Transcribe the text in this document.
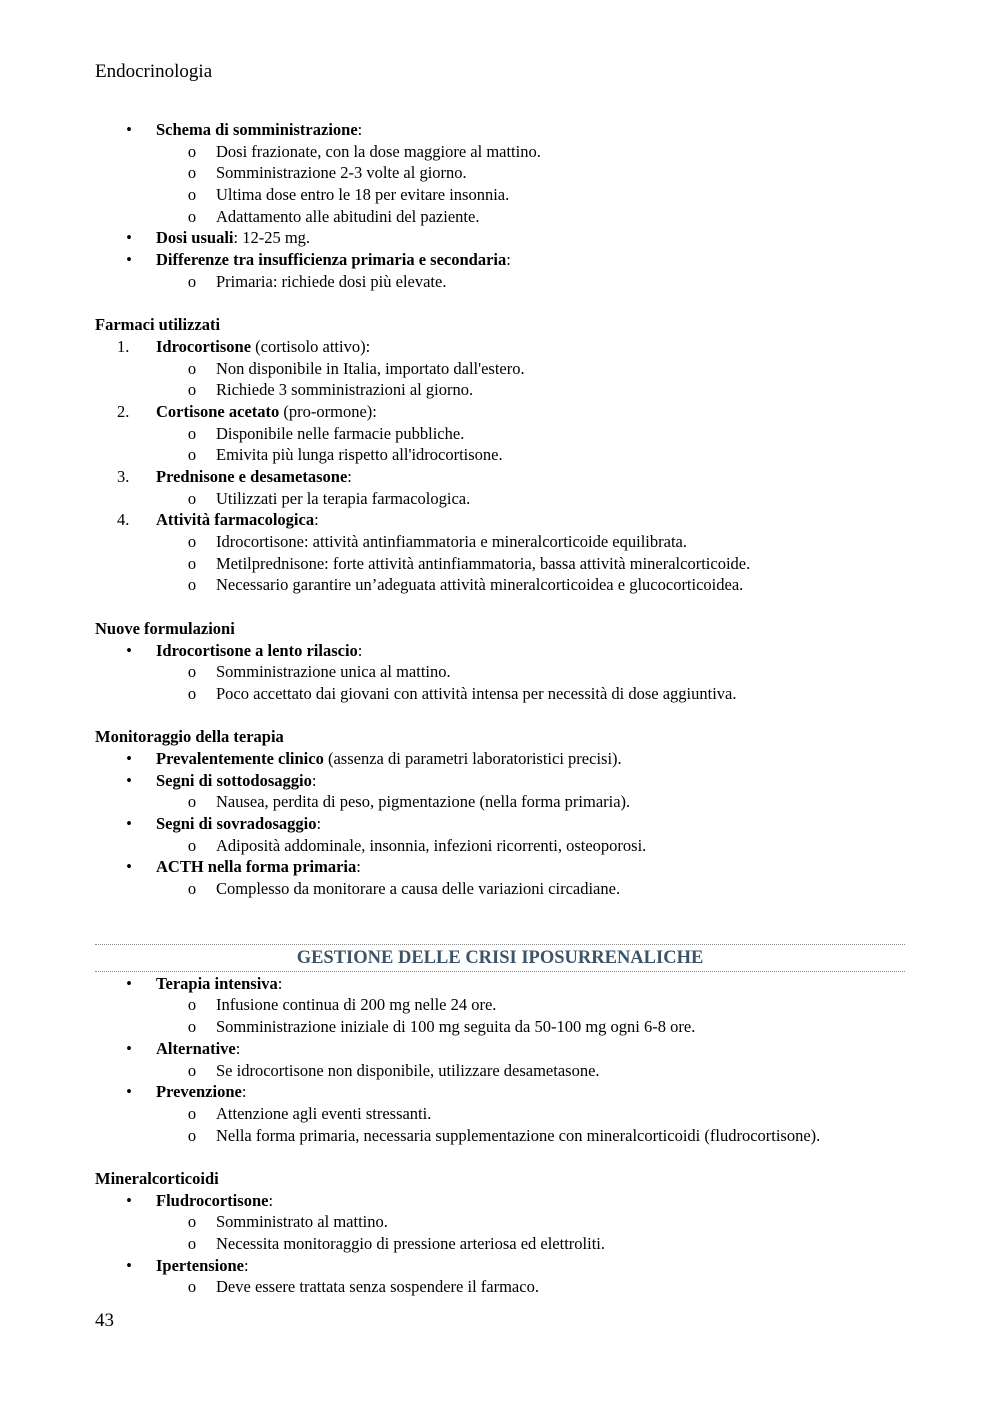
Endocrinologia
• Schema di somministrazione:
o Dosi frazionate, con la dose maggiore al mattino.
o Somministrazione 2-3 volte al giorno.
o Ultima dose entro le 18 per evitare insonnia.
o Adattamento alle abitudini del paziente.
• Dosi usuali: 12-25 mg.
• Differenze tra insufficienza primaria e secondaria:
o Primaria: richiede dosi più elevate.
Farmaci utilizzati
1.	Idrocortisone (cortisolo attivo):
o Non disponibile in Italia, importato dall'estero.
o Richiede 3 somministrazioni al giorno.
2.	Cortisone acetato (pro-ormone):
o Disponibile nelle farmacie pubbliche.
o Emivita più lunga rispetto all'idrocortisone.
3.	Prednisone e desametasone:
o Utilizzati per la terapia farmacologica.
4.	Attività farmacologica:
o Idrocortisone: attività antinfiammatoria e mineralcorticoide equilibrata.
o Metilprednisone: forte attività antinfiammatoria, bassa attività mineralcorticoide.
o Necessario garantire un’adeguata attività mineralcorticoidea e glucocorticoidea.
Nuove formulazioni
• Idrocortisone a lento rilascio:
o Somministrazione unica al mattino.
o Poco accettato dai giovani con attività intensa per necessità di dose aggiuntiva.
Monitoraggio della terapia
• Prevalentemente clinico (assenza di parametri laboratoristici precisi).
• Segni di sottodosaggio:
o Nausea, perdita di peso, pigmentazione (nella forma primaria).
• Segni di sovradosaggio:
o Adiposità addominale, insonnia, infezioni ricorrenti, osteoporosi.
• ACTH nella forma primaria:
o Complesso da monitorare a causa delle variazioni circadiane.
GESTIONE DELLE CRISI IPOSURRENALICHE
• Terapia intensiva:
o Infusione continua di 200 mg nelle 24 ore.
o Somministrazione iniziale di 100 mg seguita da 50-100 mg ogni 6-8 ore.
• Alternative:
o Se idrocortisone non disponibile, utilizzare desametasone.
• Prevenzione:
o Attenzione agli eventi stressanti.
o Nella forma primaria, necessaria supplementazione con mineralcorticoidi (fludrocortisone).
Mineralcorticoidi
• Fludrocortisone:
o Somministrato al mattino.
o Necessita monitoraggio di pressione arteriosa ed elettroliti.
• Ipertensione:
o Deve essere trattata senza sospendere il farmaco.
43
